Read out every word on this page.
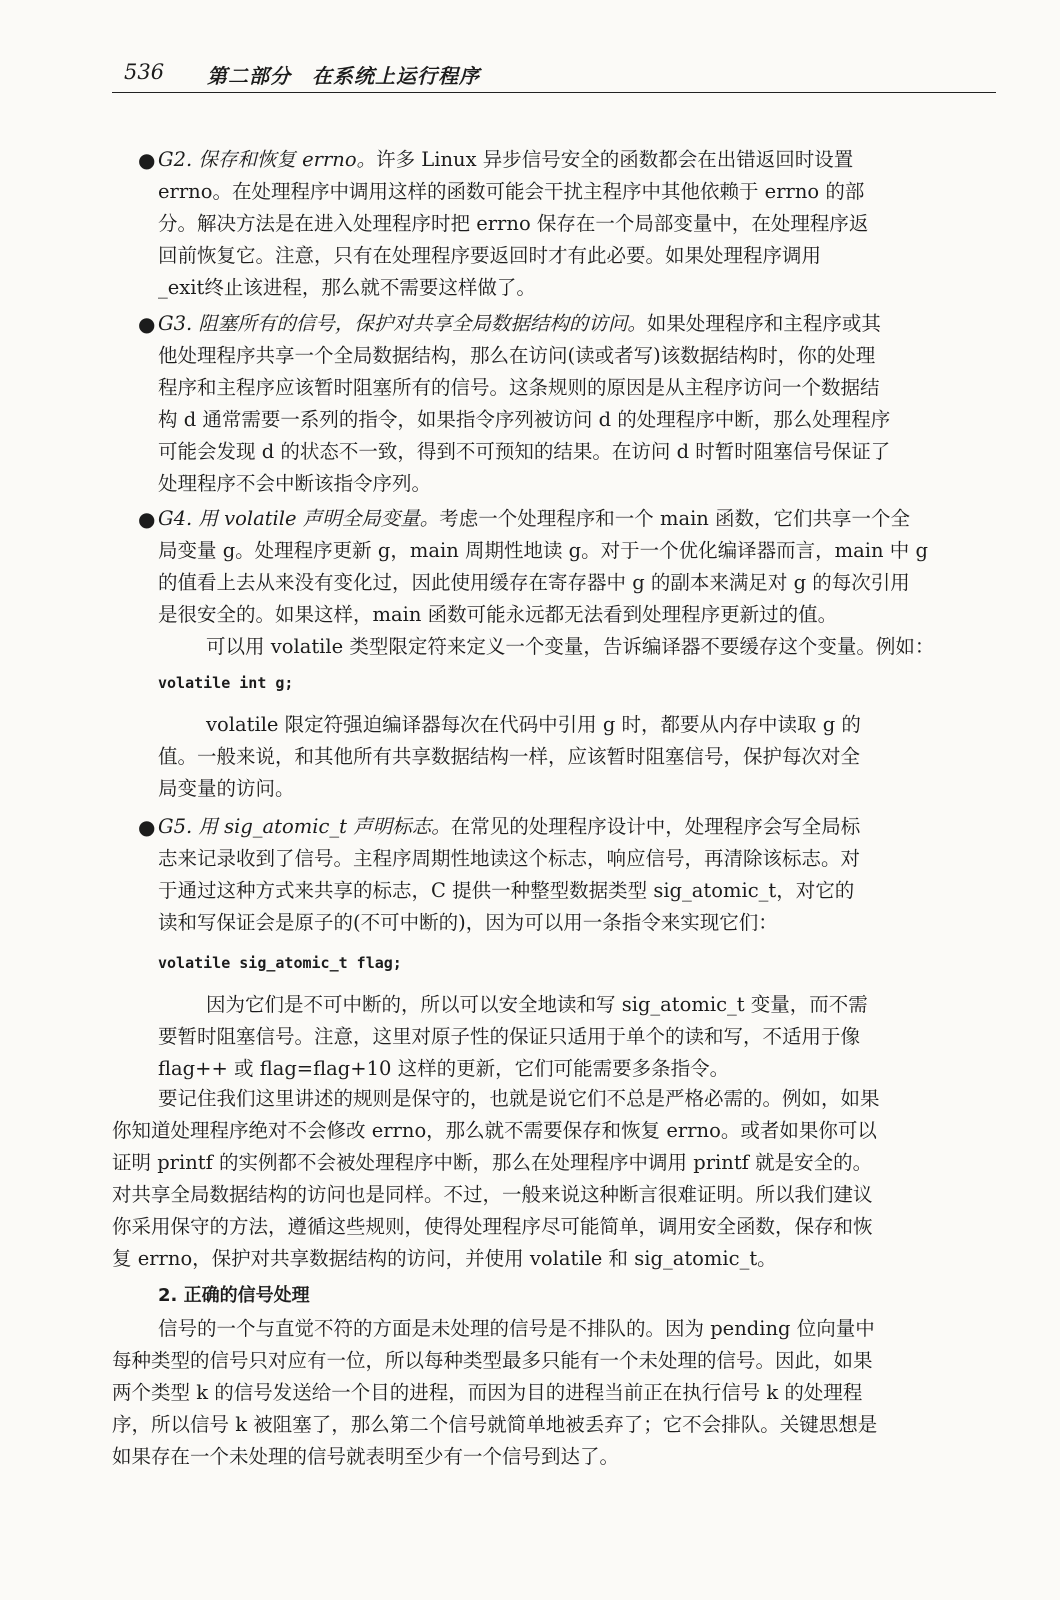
536 第二部分　在系统上运行程序
● G2. 保存和恢复 errno。许多 Linux 异步信号安全的函数都会在出错返回时设置
errno。在处理程序中调用这样的函数可能会干扰主程序中其他依赖于 errno 的部
分。解决方法是在进入处理程序时把 errno 保存在一个局部变量中，在处理程序返
回前恢复它。注意，只有在处理程序要返回时才有此必要。如果处理程序调用
_exit终止该进程，那么就不需要这样做了。
● G3. 阻塞所有的信号，保护对共享全局数据结构的访问。如果处理程序和主程序或其
他处理程序共享一个全局数据结构，那么在访问(读或者写)该数据结构时，你的处理
程序和主程序应该暂时阻塞所有的信号。这条规则的原因是从主程序访问一个数据结
构 d 通常需要一系列的指令，如果指令序列被访问 d 的处理程序中断，那么处理程序
可能会发现 d 的状态不一致，得到不可预知的结果。在访问 d 时暂时阻塞信号保证了
处理程序不会中断该指令序列。
● G4. 用 volatile 声明全局变量。考虑一个处理程序和一个 main 函数，它们共享一个全
局变量 g。处理程序更新 g，main 周期性地读 g。对于一个优化编译器而言，main 中 g
的值看上去从来没有变化过，因此使用缓存在寄存器中 g 的副本来满足对 g 的每次引用
是很安全的。如果这样，main 函数可能永远都无法看到处理程序更新过的值。
可以用 volatile 类型限定符来定义一个变量，告诉编译器不要缓存这个变量。例如：
volatile int g;
volatile 限定符强迫编译器每次在代码中引用 g 时，都要从内存中读取 g 的
值。一般来说，和其他所有共享数据结构一样，应该暂时阻塞信号，保护每次对全
局变量的访问。
● G5. 用 sig_atomic_t 声明标志。在常见的处理程序设计中，处理程序会写全局标
志来记录收到了信号。主程序周期性地读这个标志，响应信号，再清除该标志。对
于通过这种方式来共享的标志，C 提供一种整型数据类型 sig_atomic_t，对它的
读和写保证会是原子的(不可中断的)，因为可以用一条指令来实现它们：
volatile sig_atomic_t flag;
因为它们是不可中断的，所以可以安全地读和写 sig_atomic_t 变量，而不需
要暂时阻塞信号。注意，这里对原子性的保证只适用于单个的读和写，不适用于像
flag++ 或 flag=flag+10 这样的更新，它们可能需要多条指令。
要记住我们这里讲述的规则是保守的，也就是说它们不总是严格必需的。例如，如果
你知道处理程序绝对不会修改 errno，那么就不需要保存和恢复 errno。或者如果你可以
证明 printf 的实例都不会被处理程序中断，那么在处理程序中调用 printf 就是安全的。
对共享全局数据结构的访问也是同样。不过，一般来说这种断言很难证明。所以我们建议
你采用保守的方法，遵循这些规则，使得处理程序尽可能简单，调用安全函数，保存和恢
复 errno，保护对共享数据结构的访问，并使用 volatile 和 sig_atomic_t。
2. 正确的信号处理
信号的一个与直觉不符的方面是未处理的信号是不排队的。因为 pending 位向量中
每种类型的信号只对应有一位，所以每种类型最多只能有一个未处理的信号。因此，如果
两个类型 k 的信号发送给一个目的进程，而因为目的进程当前正在执行信号 k 的处理程
序，所以信号 k 被阻塞了，那么第二个信号就简单地被丢弃了；它不会排队。关键思想是
如果存在一个未处理的信号就表明至少有一个信号到达了。
